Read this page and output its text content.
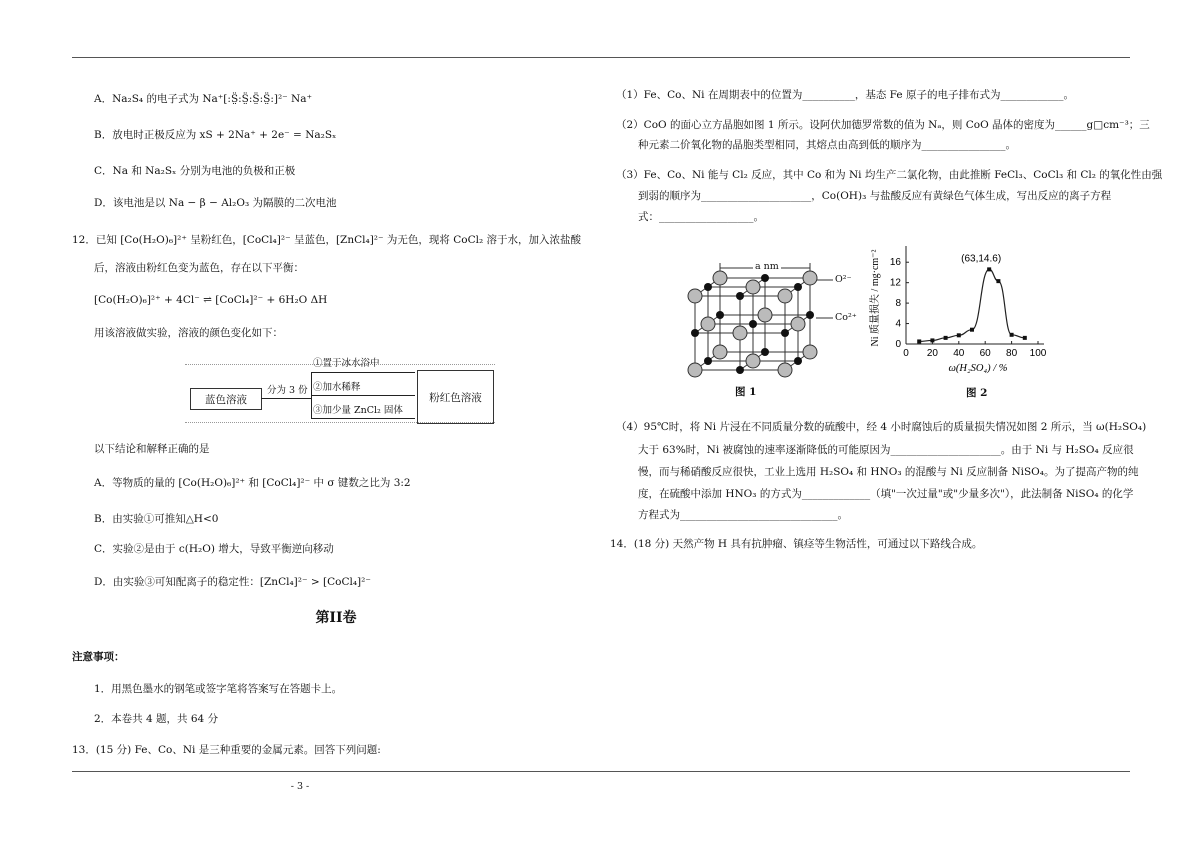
A．Na₂S₄ 的电子式为 Na⁺[:S̤̈:S̤̈:S̤̈:S̤̈:]²⁻ Na⁺
B．放电时正极反应为 xS + 2Na⁺ + 2e⁻ = Na₂Sₓ
C．Na 和 Na₂Sₓ 分别为电池的负极和正极
D．该电池是以 Na − β − Al₂O₃ 为隔膜的二次电池
12．已知 [Co(H₂O)₆]²⁺ 呈粉红色，[CoCl₄]²⁻ 呈蓝色，[ZnCl₄]²⁻ 为无色，现将 CoCl₂ 溶于水，加入浓盐酸
后，溶液由粉红色变为蓝色，存在以下平衡：
[Co(H₂O)₆]²⁺ + 4Cl⁻ ⇌ [CoCl₄]²⁻ + 6H₂O ΔH
用该溶液做实验，溶液的颜色变化如下：
蓝色溶液
分为 3 份
①置于冰水浴中
②加水稀释
③加少量 ZnCl₂ 固体
粉红色溶液
以下结论和解释正确的是
A．等物质的量的 [Co(H₂O)₆]²⁺ 和 [CoCl₄]²⁻ 中 σ 键数之比为 3:2
B．由实验①可推知△H<0
C．实验②是由于 c(H₂O) 增大，导致平衡逆向移动
D．由实验③可知配离子的稳定性：[ZnCl₄]²⁻ > [CoCl₄]²⁻
第II卷
注意事项：
1．用黑色墨水的钢笔或签字笔将答案写在答题卡上。
2．本卷共 4 题，共 64 分
13．(15 分) Fe、Co、Ni 是三种重要的金属元素。回答下列问题:
（1）Fe、Co、Ni 在周期表中的位置为__________，基态 Fe 原子的电子排布式为____________。
（2）CoO 的面心立方晶胞如图 1 所示。设阿伏加德罗常数的值为 Nₐ，则 CoO 晶体的密度为______g□cm⁻³；三
种元素二价氧化物的晶胞类型相同，其熔点由高到低的顺序为________________。
（3）Fe、Co、Ni 能与 Cl₂ 反应，其中 Co 和为 Ni 均生产二氯化物，由此推断 FeCl₃、CoCl₃ 和 Cl₂ 的氧化性由强
到弱的顺序为_____________________，Co(OH)₃ 与盐酸反应有黄绿色气体生成，写出反应的离子方程
式：__________________。
a nm
O²⁻
Co²⁺
图 1
0 20 40 60 80 100
0
4
8
12
16	(63,14.6)
ω(H₂SO₄) / %
Ni 质量损失 / mg·cm⁻²
图 2
（4）95℃时，将 Ni 片浸在不同质量分数的硫酸中，经 4 小时腐蚀后的质量损失情况如图 2 所示，当 ω(H₂SO₄)
大于 63%时，Ni 被腐蚀的速率逐渐降低的可能原因为_____________________。由于 Ni 与 H₂SO₄ 反应很
慢，而与稀硝酸反应很快，工业上选用 H₂SO₄ 和 HNO₃ 的混酸与 Ni 反应制备 NiSO₄。为了提高产物的纯
度，在硫酸中添加 HNO₃ 的方式为_____________（填"一次过量"或"少量多次"），此法制备 NiSO₄ 的化学
方程式为______________________________。
14．(18 分) 天然产物 H 具有抗肿瘤、镇痉等生物活性，可通过以下路线合成。
- 3 -
